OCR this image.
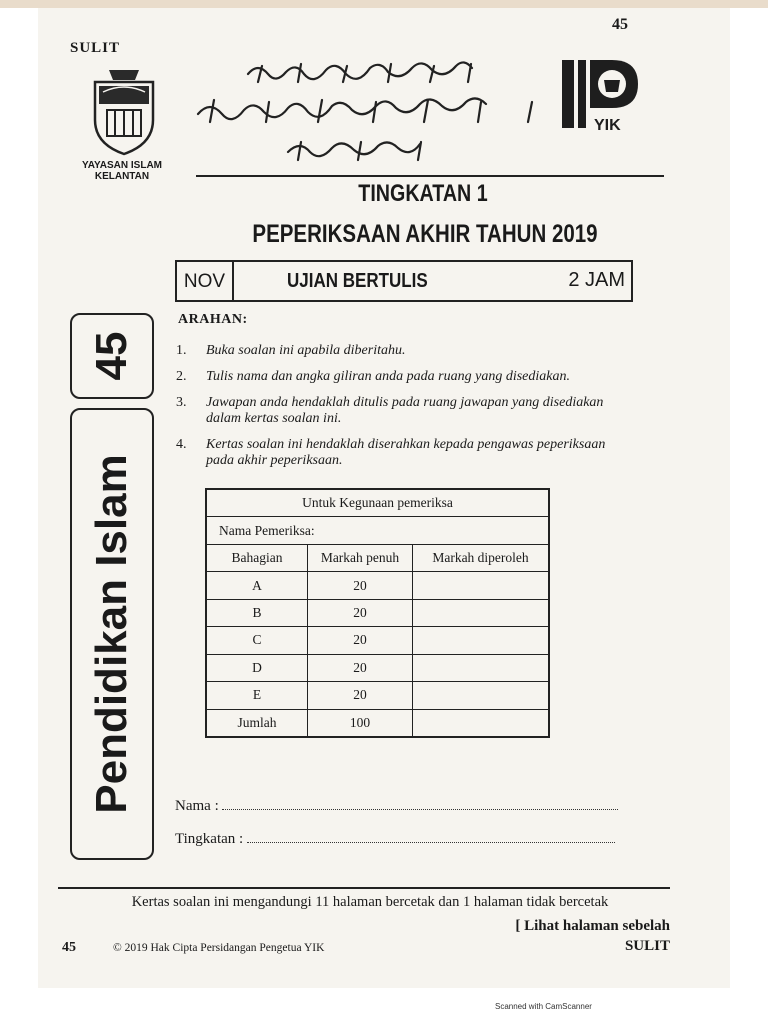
SULIT
45
YAYASAN ISLAM
KELANTAN
YIK
TINGKATAN 1
PEPERIKSAAN AKHIR TAHUN 2019
NOV	UJIAN BERTULIS	2 JAM
45
Pendidikan Islam
ARAHAN:
1. Buka soalan ini apabila diberitahu.
2. Tulis nama dan angka giliran anda pada ruang yang disediakan.
3. Jawapan anda hendaklah ditulis pada ruang jawapan yang disediakan dalam kertas soalan ini.
4. Kertas soalan ini hendaklah diserahkan kepada pengawas peperiksaan pada akhir peperiksaan.
Untuk Kegunaan pemeriksa		
Nama Pemeriksa:		
Bahagian	Markah penuh	Markah diperoleh
A	20	
B	20	
C	20	
D	20	
E	20	
Jumlah	100	
Nama :
Tingkatan :
Kertas soalan ini mengandungi 11 halaman bercetak dan 1 halaman tidak bercetak
[ Lihat halaman sebelah
45	© 2019 Hak Cipta Persidangan Pengetua YIK	SULIT
Scanned with CamScanner
